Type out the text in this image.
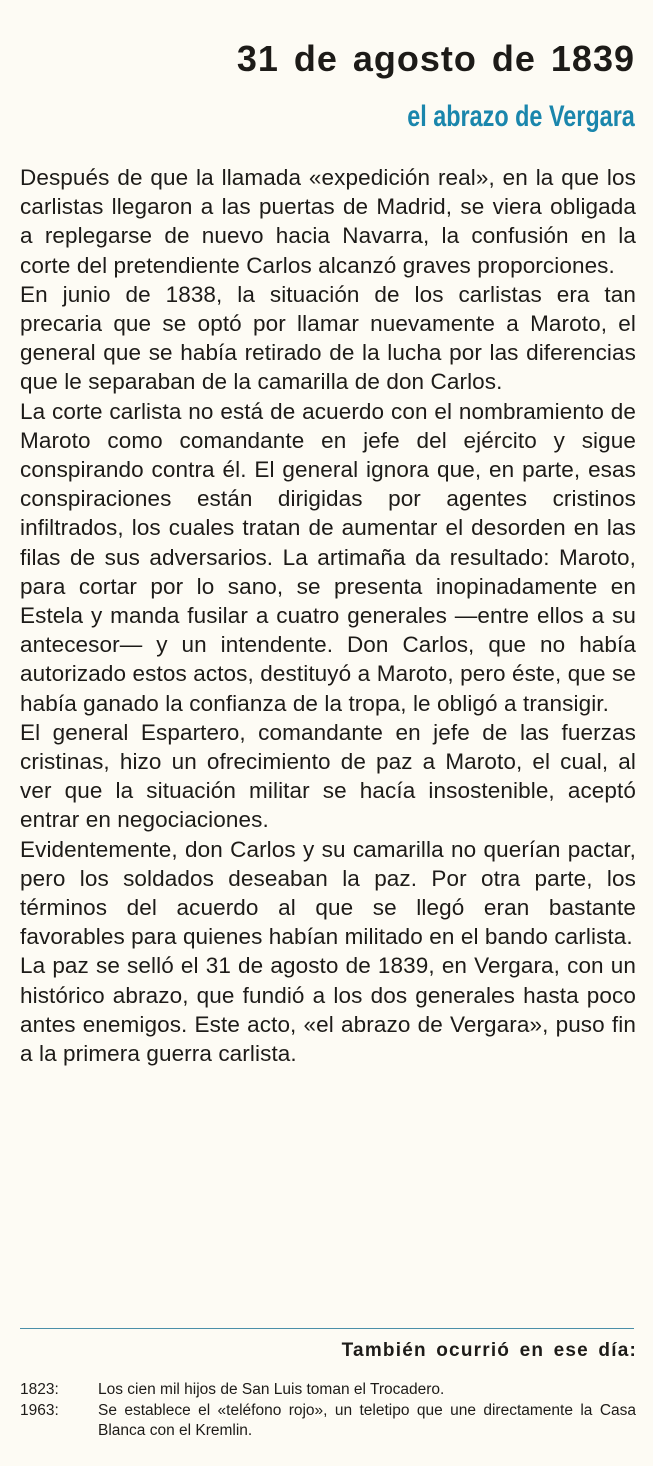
31 de agosto de 1839
el abrazo de Vergara

Después de que la llamada «expedición real», en la que los carlistas llegaron a las puertas de Madrid, se viera obligada a replegarse de nuevo hacia Navarra, la confusión en la corte del pretendiente Carlos alcanzó graves proporciones.

En junio de 1838, la situación de los carlistas era tan precaria que se optó por llamar nuevamente a Maroto, el general que se había retirado de la lucha por las diferencias que le separaban de la camarilla de don Carlos.

La corte carlista no está de acuerdo con el nombramiento de Maroto como comandante en jefe del ejército y sigue conspirando contra él. El general ignora que, en parte, esas conspiraciones están dirigidas por agentes cristinos infiltrados, los cuales tratan de aumentar el desorden en las filas de sus adversarios. La artimaña da resultado: Maroto, para cortar por lo sano, se presenta inopinadamente en Estela y manda fusilar a cuatro generales —entre ellos a su antecesor— y un intendente. Don Carlos, que no había autorizado estos actos, destituyó a Maroto, pero éste, que se había ganado la confianza de la tropa, le obligó a transigir.

El general Espartero, comandante en jefe de las fuerzas cristinas, hizo un ofrecimiento de paz a Maroto, el cual, al ver que la situación militar se hacía insostenible, aceptó entrar en negociaciones.

Evidentemente, don Carlos y su camarilla no querían pactar, pero los soldados deseaban la paz. Por otra parte, los términos del acuerdo al que se llegó eran bastante favorables para quienes habían militado en el bando carlista.

La paz se selló el 31 de agosto de 1839, en Vergara, con un histórico abrazo, que fundió a los dos generales hasta poco antes enemigos. Este acto, «el abrazo de Vergara», puso fin a la primera guerra carlista.

También ocurrió en ese día:
1823:	Los cien mil hijos de San Luis toman el Trocadero.
1963:	Se establece el «teléfono rojo», un teletipo que une directamente la Casa Blanca con el Kremlin.
